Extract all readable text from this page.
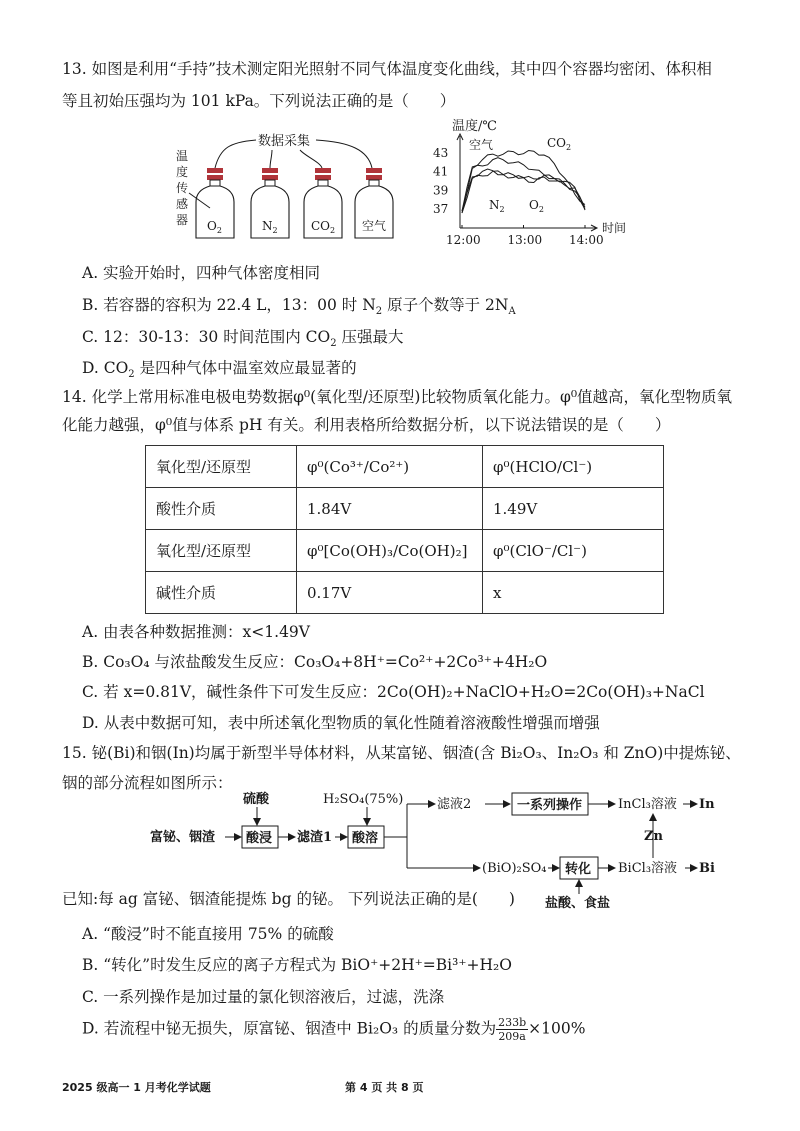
13. 如图是利用“手持”技术测定阳光照射不同气体温度变化曲线，其中四个容器均密闭、体积相
等且初始压强均为 101 kPa。下列说法正确的是（　　）
数据采集
温
度
传
感
器 $O_2$	$N_2$	$CO_2$ 空气
温度/℃
时间
43
41
39
37
12:00 13:00 14:00
$CO_2$
空气
$N_2$ $O_2$
A. 实验开始时，四种气体密度相同
B. 若容器的容积为 22.4 L，13：00 时 $N_2$ 原子个数等于 $2N_A$
C. 12：30-13：30 时间范围内 $CO_2$ 压强最大
D. $CO_2$ 是四种气体中温室效应最显著的
14. 化学上常用标准电极电势数据φ⁰(氧化型/还原型)比较物质氧化能力。φ⁰值越高，氧化型物质氧
化能力越强，φ⁰值与体系 pH 有关。利用表格所给数据分析，以下说法错误的是（　　）
氧化型/还原型	φ⁰(Co³⁺/Co²⁺)	φ⁰(HClO/Cl⁻)
酸性介质	1.84V	1.49V
氧化型/还原型	φ⁰[Co(OH)₃/Co(OH)₂]	φ⁰(ClO⁻/Cl⁻)
碱性介质	0.17V	x
A. 由表各种数据推测：x<1.49V
B. Co₃O₄ 与浓盐酸发生反应：Co₃O₄+8H⁺=Co²⁺+2Co³⁺+4H₂O
C. 若 x=0.81V，碱性条件下可发生反应：2Co(OH)₂+NaClO+H₂O=2Co(OH)₃+NaCl
D. 从表中数据可知，表中所述氧化型物质的氧化性随着溶液酸性增强而增强
15. 铋(Bi)和铟(In)均属于新型半导体材料，从某富铋、铟渣(含 Bi₂O₃、In₂O₃ 和 ZnO)中提炼铋、
铟的部分流程如图所示：
富铋、铟渣
硫酸
酸浸 滤渣1
H₂SO₄(75%)
酸溶
滤液2	一系列操作	InCl₃溶液 In
Zn
(BiO)₂SO₄ 转化
盐酸、食盐
BiCl₃溶液 Bi
已知:每 ag 富铋、铟渣能提炼 bg 的铋。 下列说法正确的是(　　)
A. “酸浸”时不能直接用 75% 的硫酸
B. “转化”时发生反应的离子方程式为 BiO⁺+2H⁺=Bi³⁺+H₂O
C. 一系列操作是加过量的氯化钡溶液后，过滤，洗涤
D. 若流程中铋无损失，原富铋、铟渣中 Bi₂O₃ 的质量分数为 $\frac{233b}{209a} \times 100\%$
2025 级高一 1 月考化学试题	第 4 页 共 8 页
